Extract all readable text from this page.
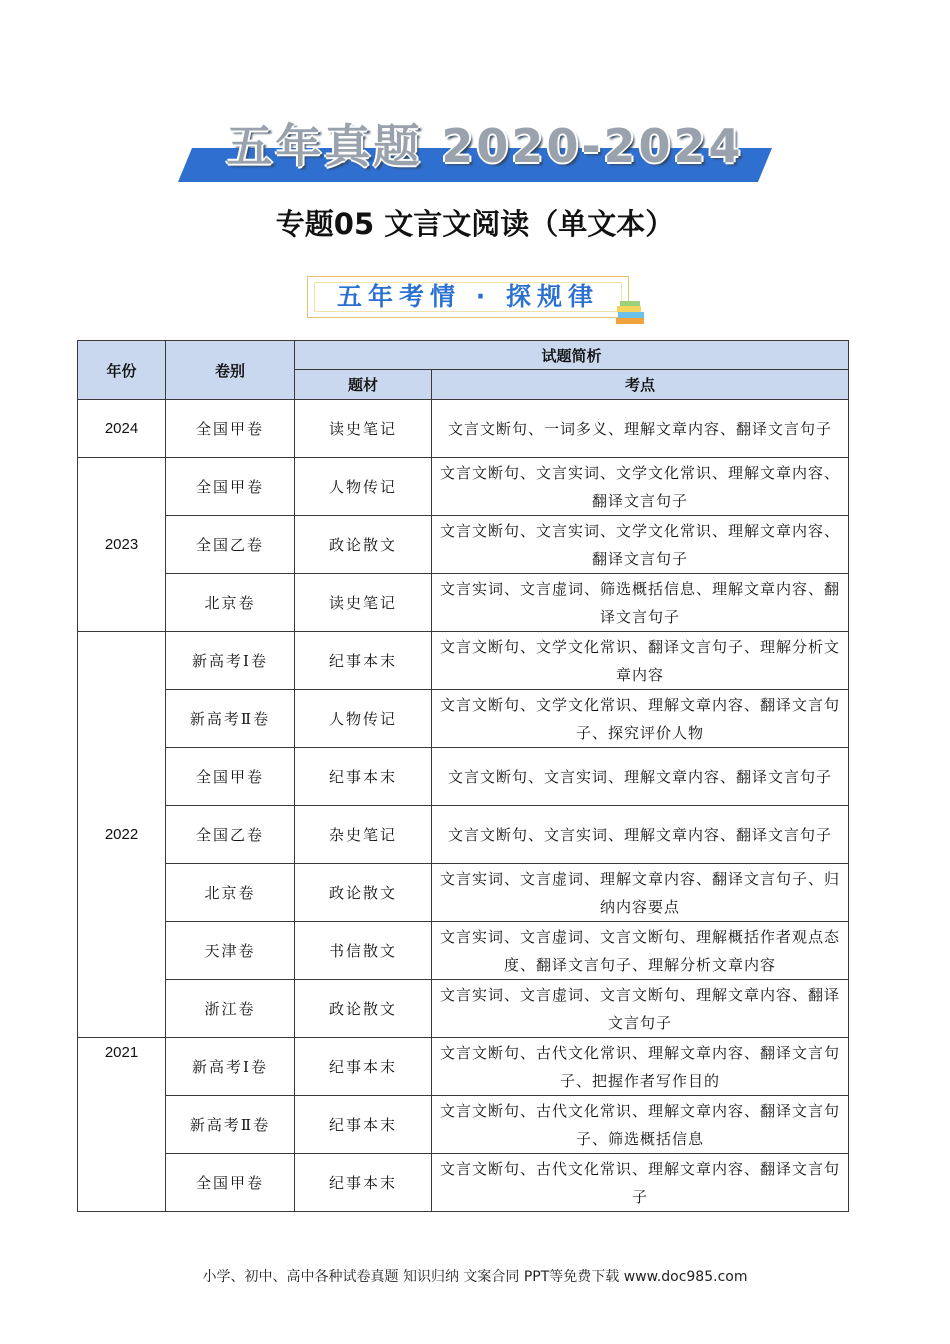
五年真题 2020-2024
专题05 文言文阅读（单文本）
五年考情 · 探规律
年份	卷别	试题简析	
		题材	考点
2024	全国甲卷	读史笔记	文言文断句、一词多义、理解文章内容、翻译文言句子
2023	全国甲卷	人物传记	文言文断句、文言实词、文学文化常识、理解文章内容、翻译文言句子
	全国乙卷	政论散文	文言文断句、文言实词、文学文化常识、理解文章内容、翻译文言句子
	北京卷	读史笔记	文言实词、文言虚词、筛选概括信息、理解文章内容、翻译文言句子
2022	新高考Ⅰ卷	纪事本末	文言文断句、文学文化常识、翻译文言句子、理解分析文章内容
	新高考Ⅱ卷	人物传记	文言文断句、文学文化常识、理解文章内容、翻译文言句子、探究评价人物
	全国甲卷	纪事本末	文言文断句、文言实词、理解文章内容、翻译文言句子
	全国乙卷	杂史笔记	文言文断句、文言实词、理解文章内容、翻译文言句子
	北京卷	政论散文	文言实词、文言虚词、理解文章内容、翻译文言句子、归纳内容要点
	天津卷	书信散文	文言实词、文言虚词、文言文断句、理解概括作者观点态度、翻译文言句子、理解分析文章内容
	浙江卷	政论散文	文言实词、文言虚词、文言文断句、理解文章内容、翻译文言句子
2021	新高考Ⅰ卷	纪事本末	文言文断句、古代文化常识、理解文章内容、翻译文言句子、把握作者写作目的
	新高考Ⅱ卷	纪事本末	文言文断句、古代文化常识、理解文章内容、翻译文言句子、筛选概括信息
	全国甲卷	纪事本末	文言文断句、古代文化常识、理解文章内容、翻译文言句子
小学、初中、高中各种试卷真题 知识归纳 文案合同 PPT等免费下载 www.doc985.com
